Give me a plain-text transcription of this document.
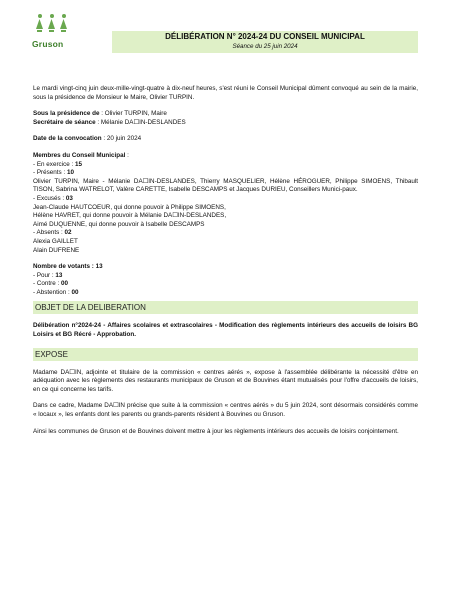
Gruson
DÉLIBÉRATION N° 2024-24 DU CONSEIL MUNICIPAL
Séance du 25 juin 2024

Le mardi vingt-cinq juin deux-mille-vingt-quatre à dix-neuf heures, s'est réuni le Conseil Municipal dûment convoqué au sein de la mairie, sous la présidence de Monsieur le Maire, Olivier TURPIN.

Sous la présidence de : Olivier TURPIN, Maire
Secrétaire de séance : Mélanie DA☐IN-DESLANDES
Date de la convocation : 20 juin 2024
Membres du Conseil Municipal :
- En exercice : 15
- Présents : 10

Olivier TURPIN, Maire - Mélanie DA☐IN-DESLANDES, Thierry MASQUELIER, Hélène HÉROGUER, Philippe SIMOENS, Thibault TISON, Sabrina WATRELOT, Valère CARETTE, Isabelle DESCAMPS et Jacques DURIEU, Conseillers Munici-paux.

- Excusés : 03
Jean-Claude HAUTCOEUR, qui donne pouvoir à Philippe SIMOENS,
Hélène HAVRET, qui donne pouvoir à Mélanie DA☐IN-DESLANDES,
Aimé DUQUENNE, qui donne pouvoir à Isabelle DESCAMPS
- Absents : 02
Alexia GAILLET
Alain DUFRENE
Nombre de votants : 13
- Pour : 13
- Contre : 00
- Abstention : 00
OBJET DE LA DELIBERATION

Délibération n°2024-24 - Affaires scolaires et extrascolaires - Modification des règlements intérieurs des accueils de loisirs BG Loisirs et BG Récré - Approbation.

EXPOSE

Madame DA☐IN, adjointe et titulaire de la commission « centres aérés », expose à l'assemblée délibérante la nécessité d'être en adéquation avec les règlements des restaurants municipaux de Gruson et de Bouvines étant mutualisés pour l'offre d'accueils de loisirs, en ce qui concerne les tarifs.

Dans ce cadre, Madame DA☐IN précise que suite à la commission « centres aérés » du 5 juin 2024, sont désormais considérés comme « locaux », les enfants dont les parents ou grands-parents résident à Bouvines ou Gruson.

Ainsi les communes de Gruson et de Bouvines doivent mettre à jour les règlements intérieurs des accueils de loisirs conjointement.
